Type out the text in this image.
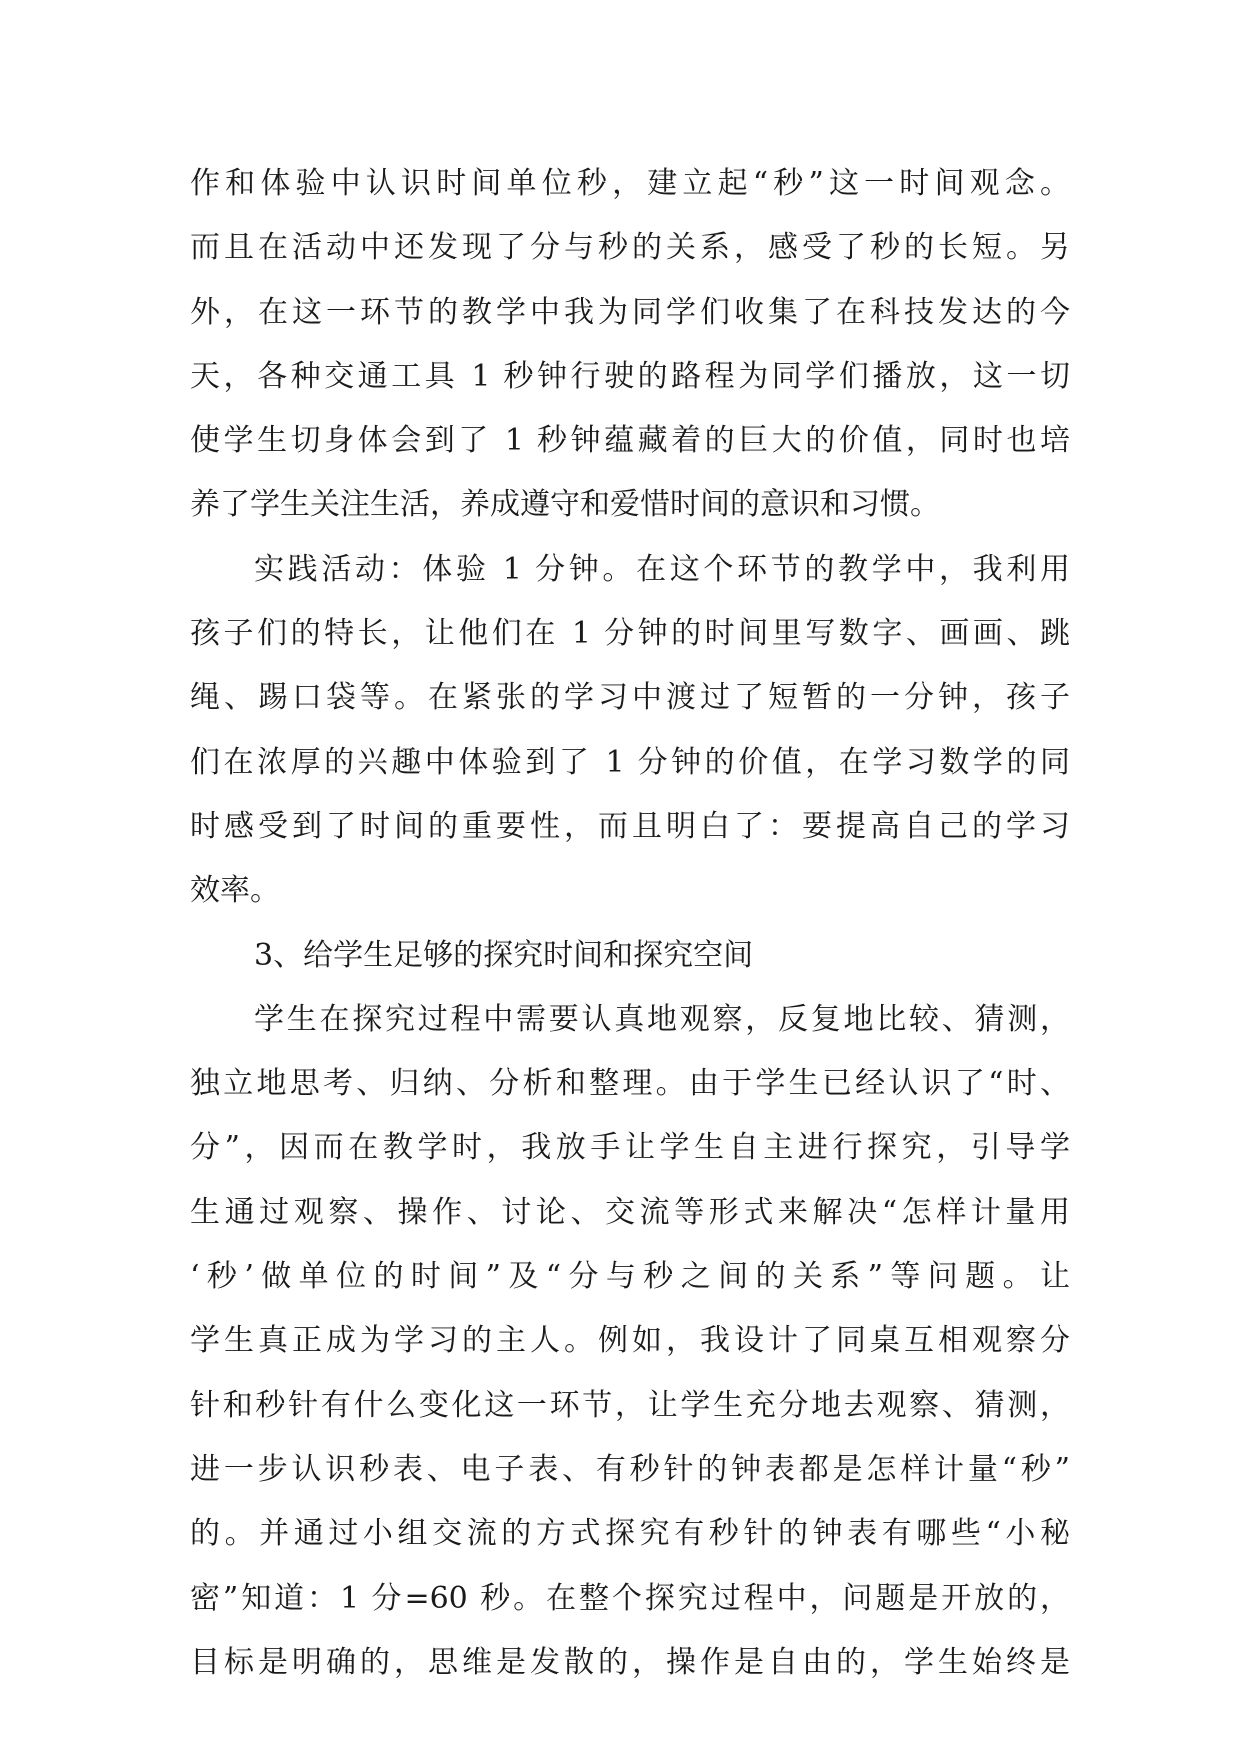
作和体验中认识时间单位秒，建立起“秒”这一时间观念。

而且在活动中还发现了分与秒的关系，感受了秒的长短。另

外，在这一环节的教学中我为同学们收集了在科技发达的今

天，各种交通工具 1 秒钟行驶的路程为同学们播放，这一切

使学生切身体会到了 1 秒钟蕴藏着的巨大的价值，同时也培

养了学生关注生活，养成遵守和爱惜时间的意识和习惯。

实践活动：体验 1 分钟。在这个环节的教学中，我利用

孩子们的特长，让他们在 1 分钟的时间里写数字、画画、跳

绳、踢口袋等。在紧张的学习中渡过了短暂的一分钟，孩子

们在浓厚的兴趣中体验到了 1 分钟的价值，在学习数学的同

时感受到了时间的重要性，而且明白了：要提高自己的学习

效率。

3、给学生足够的探究时间和探究空间

学生在探究过程中需要认真地观察，反复地比较、猜测，

独立地思考、归纳、分析和整理。由于学生已经认识了“时、

分”，因而在教学时，我放手让学生自主进行探究，引导学

生通过观察、操作、讨论、交流等形式来解决“怎样计量用

‘秒’做单位的时间”及“分与秒之间的关系”等问题。让

学生真正成为学习的主人。例如，我设计了同桌互相观察分

针和秒针有什么变化这一环节，让学生充分地去观察、猜测，

进一步认识秒表、电子表、有秒针的钟表都是怎样计量“秒”

的。并通过小组交流的方式探究有秒针的钟表有哪些“小秘

密”知道：1 分=60 秒。在整个探究过程中，问题是开放的，

目标是明确的，思维是发散的，操作是自由的，学生始终是
